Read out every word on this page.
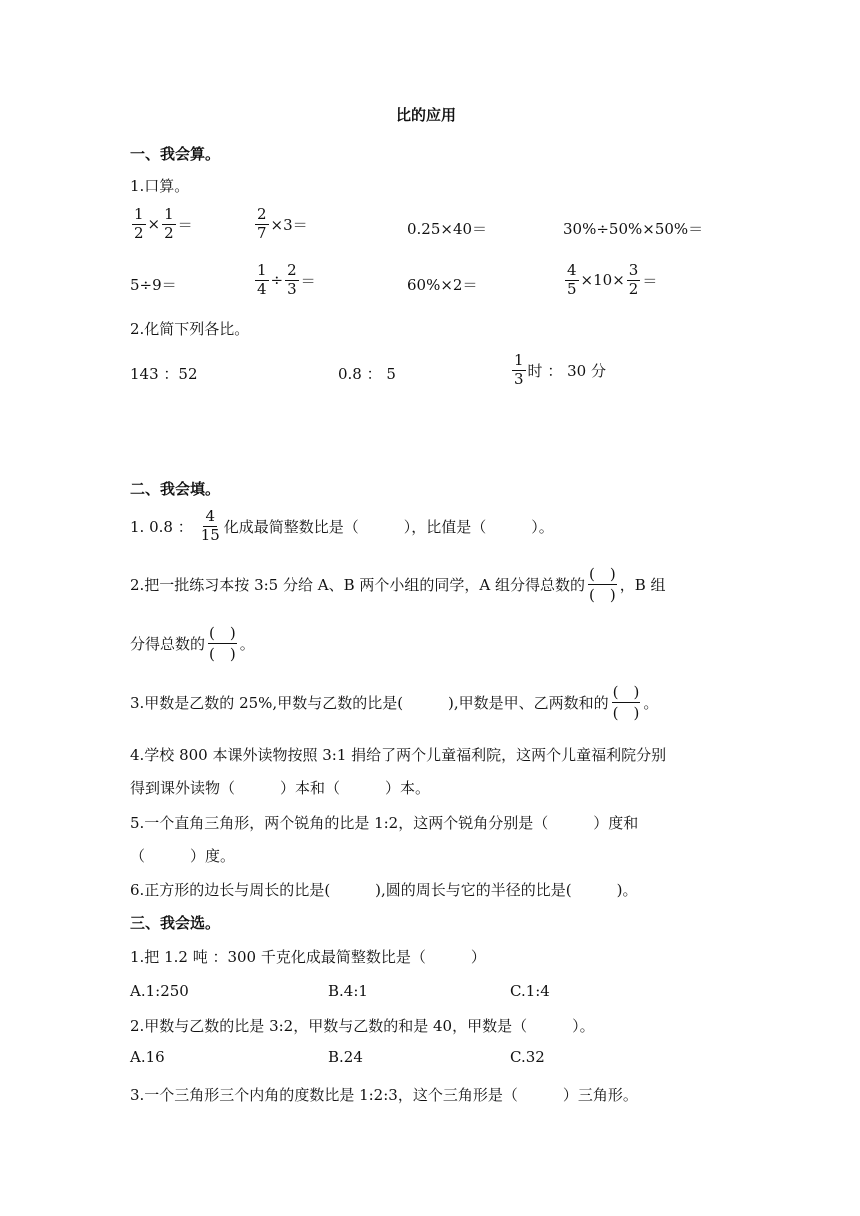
比的应用
一、我会算。
1.口算。
$\frac{1}{2} \times \frac{1}{2}$ ＝	$\frac{2}{7} \times 3=$	0.25×40＝	30%÷50%×50%＝
5÷9＝	$\frac{1}{4} \div \frac{2}{3}$ ＝	60%×2＝	$\frac{4}{5} \times 10\times \frac{3}{2}$ ＝
2.化简下列各比。
143 ：52	0.8 ： 5	$\frac{1}{3}$ 时 ： 30 分
二、我会填。
1. 0.8 ： $\frac{4}{15}$ 化成最简整数比是（　　　），比值是（　　　）。
2.把一批练习本按 3:5 分给 A、B 两个小组的同学，A 组分得总数的 $\frac{( )}{( )}$ ，B 组
分得总数的 $\frac{( )}{( )}$ 。
3.甲数是乙数的 25%,甲数与乙数的比是(　　　),甲数是甲、乙两数和的 $\frac{( )}{( )}$ 。
4.学校 800 本课外读物按照 3:1 捐给了两个儿童福利院，这两个儿童福利院分别
得到课外读物（　　　）本和（　　　）本。
5.一个直角三角形，两个锐角的比是 1:2，这两个锐角分别是（　　　）度和
（　　　）度。
6.正方形的边长与周长的比是(　　　),圆的周长与它的半径的比是(　　　)。
三、我会选。
1.把 1.2 吨 ：300 千克化成最简整数比是（　　　）
A.1:250	B.4:1	C.1:4
2.甲数与乙数的比是 3:2，甲数与乙数的和是 40，甲数是（　　　）。
A.16	B.24	C.32
3.一个三角形三个内角的度数比是 1:2:3，这个三角形是（　　　）三角形。
